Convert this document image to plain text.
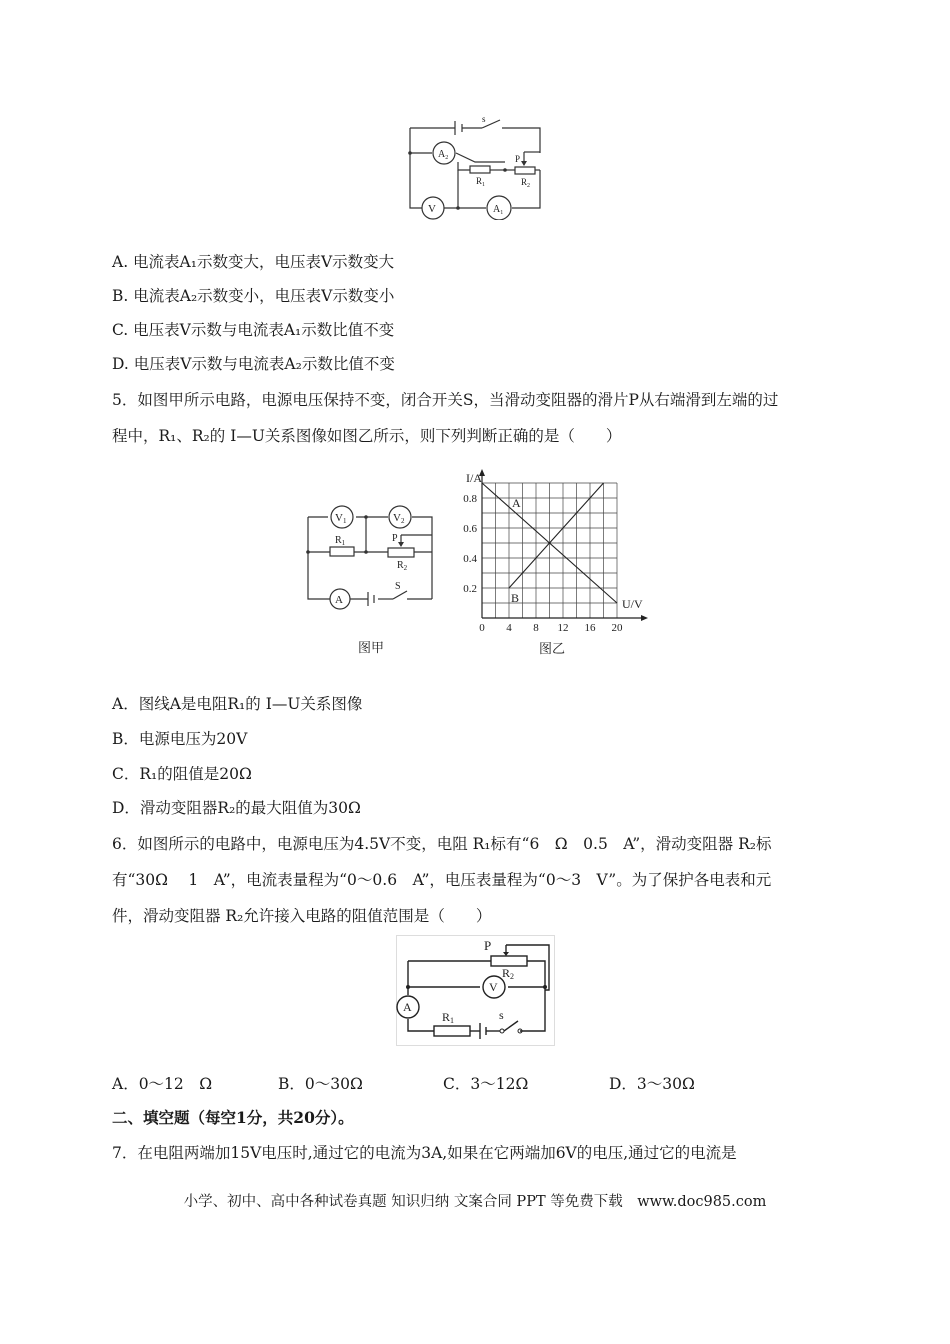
s
$A_2$	P
$R_1$	$R_2$
V	$A_1$
A. 电流表A₁示数变大，电压表V示数变大
B. 电流表A₂示数变小，电压表V示数变小
C. 电压表V示数与电流表A₁示数比值不变
D. 电压表V示数与电流表A₂示数比值不变
5．如图甲所示电路，电源电压保持不变，闭合开关S，当滑动变阻器的滑片P从右端滑到左端的过
程中，R₁、R₂的 I—U关系图像如图乙所示，则下列判断正确的是（　　）
V1	V2
$R_1$	P
$R_2$
A
S
图甲
0 4 8 12 16 20
0.2
0.4
0.6
0.8	A
B
I/A
U/V
图乙
A．图线A是电阻R₁的 I—U关系图像
B．电源电压为20V
C．R₁的阻值是20Ω
D．滑动变阻器R₂的最大阻值为30Ω
6．如图所示的电路中，电源电压为4.5V不变，电阻 R₁标有“6　Ω　0.5　A”，滑动变阻器 R₂标
有“30Ω　 1　A”，电流表量程为“0～0.6　A”，电压表量程为“0～3　V”。为了保护各电表和元
件，滑动变阻器 R₂允许接入电路的阻值范围是（　　）
P
R2
V
A
R1	s
A．0～12　Ω	B．0～30Ω	C．3～12Ω	D．3～30Ω
二、填空题（每空1分，共20分）。
7．在电阻两端加15V电压时,通过它的电流为3A,如果在它两端加6V的电压,通过它的电流是
小学、初中、高中各种试卷真题 知识归纳 文案合同 PPT 等免费下载　www.doc985.com
